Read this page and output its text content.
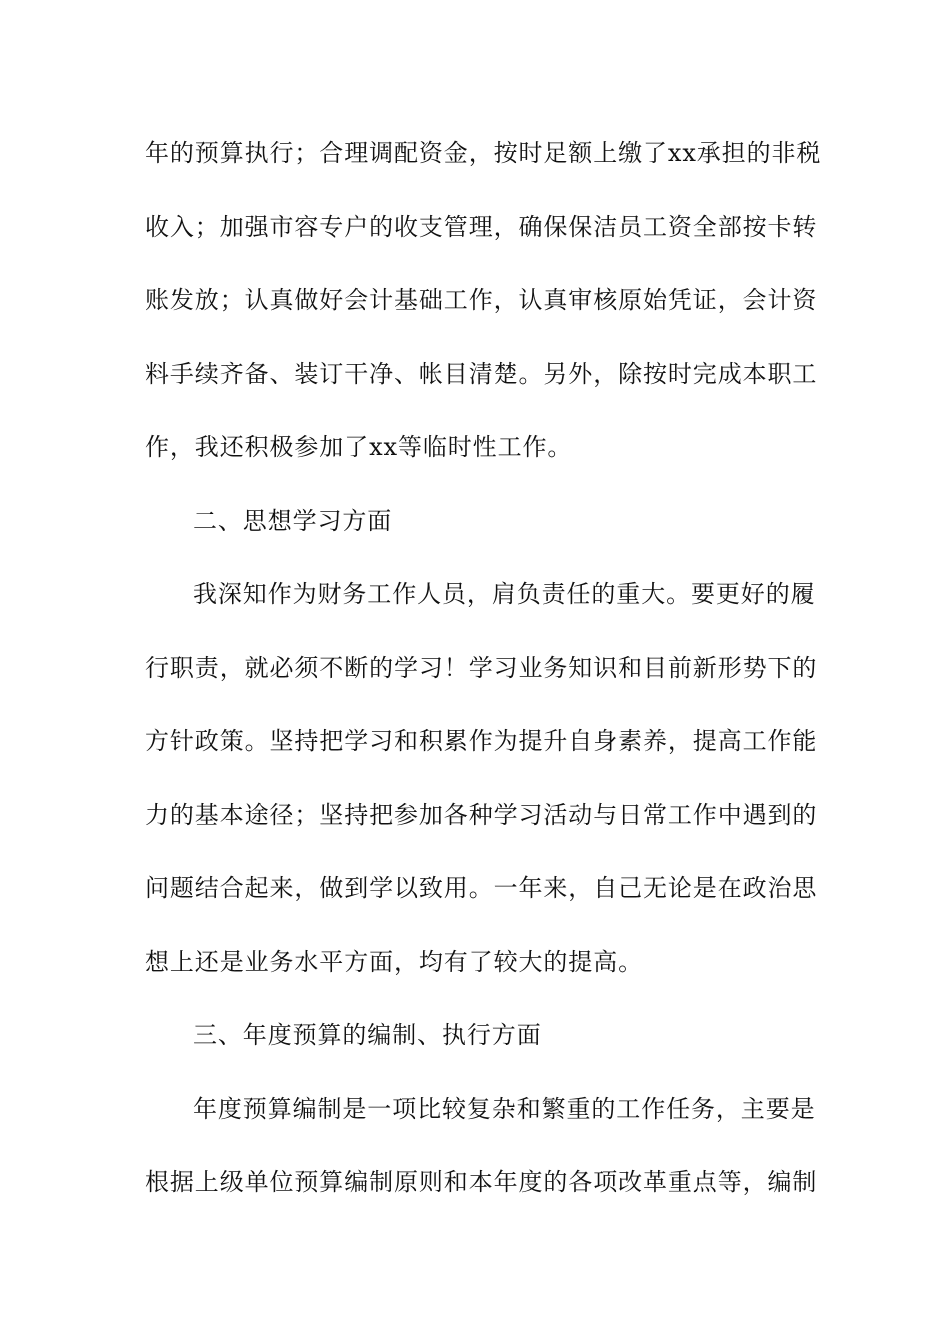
年的预算执行；合理调配资金，按时足额上缴了xx承担的非税
收入；加强市容专户的收支管理，确保保洁员工资全部按卡转
账发放；认真做好会计基础工作，认真审核原始凭证，会计资
料手续齐备、装订干净、帐目清楚。另外，除按时完成本职工
作，我还积极参加了xx等临时性工作。
二、思想学习方面
我深知作为财务工作人员，肩负责任的重大。要更好的履
行职责，就必须不断的学习！学习业务知识和目前新形势下的
方针政策。坚持把学习和积累作为提升自身素养，提高工作能
力的基本途径；坚持把参加各种学习活动与日常工作中遇到的
问题结合起来，做到学以致用。一年来，自己无论是在政治思
想上还是业务水平方面，均有了较大的提高。
三、年度预算的编制、执行方面
年度预算编制是一项比较复杂和繁重的工作任务，主要是
根据上级单位预算编制原则和本年度的各项改革重点等，编制
